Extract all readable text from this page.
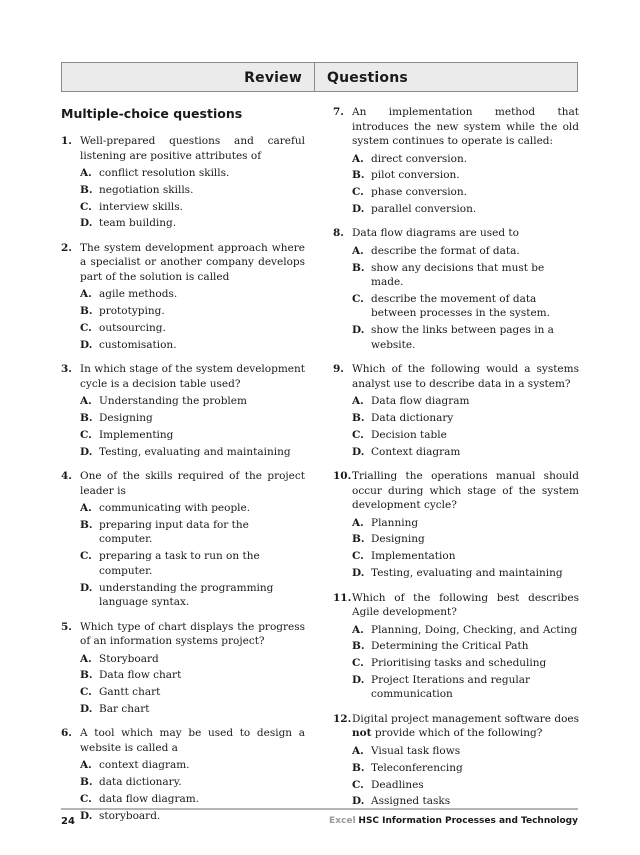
Review	Questions
Multiple-choice questions
1. Well-prepared questions and careful listening are positive attributes of
A. conflict resolution skills.
B. negotiation skills.
C. interview skills.
D. team building.
2. The system development approach where a specialist or another company develops part of the solution is called
A. agile methods.
B. prototyping.
C. outsourcing.
D. customisation.
3. In which stage of the system development cycle is a decision table used?
A. Understanding the problem
B. Designing
C. Implementing
D. Testing, evaluating and maintaining
4. One of the skills required of the project leader is
A. communicating with people.
B. preparing input data for the computer.
C. preparing a task to run on the computer.
D. understanding the programming language syntax.
5. Which type of chart displays the progress of an information systems project?
A. Storyboard
B. Data flow chart
C. Gantt chart
D. Bar chart
6. A tool which may be used to design a website is called a
A. context diagram.
B. data dictionary.
C. data flow diagram.
D. storyboard.
7. An implementation method that introduces the new system while the old system continues to operate is called:
A. direct conversion.
B. pilot conversion.
C. phase conversion.
D. parallel conversion.
8. Data flow diagrams are used to
A. describe the format of data.
B. show any decisions that must be made.
C. describe the movement of data between processes in the system.
D. show the links between pages in a website.
9. Which of the following would a systems analyst use to describe data in a system?
A. Data flow diagram
B. Data dictionary
C. Decision table
D. Context diagram
10. Trialling the operations manual should occur during which stage of the system development cycle?
A. Planning
B. Designing
C. Implementation
D. Testing, evaluating and maintaining
11. Which of the following best describes Agile development?
A. Planning, Doing, Checking, and Acting
B. Determining the Critical Path
C. Prioritising tasks and scheduling
D. Project Iterations and regular communication
12. Digital project management software does not provide which of the following?
A. Visual task flows
B. Teleconferencing
C. Deadlines
D. Assigned tasks
24	Excel HSC Information Processes and Technology
